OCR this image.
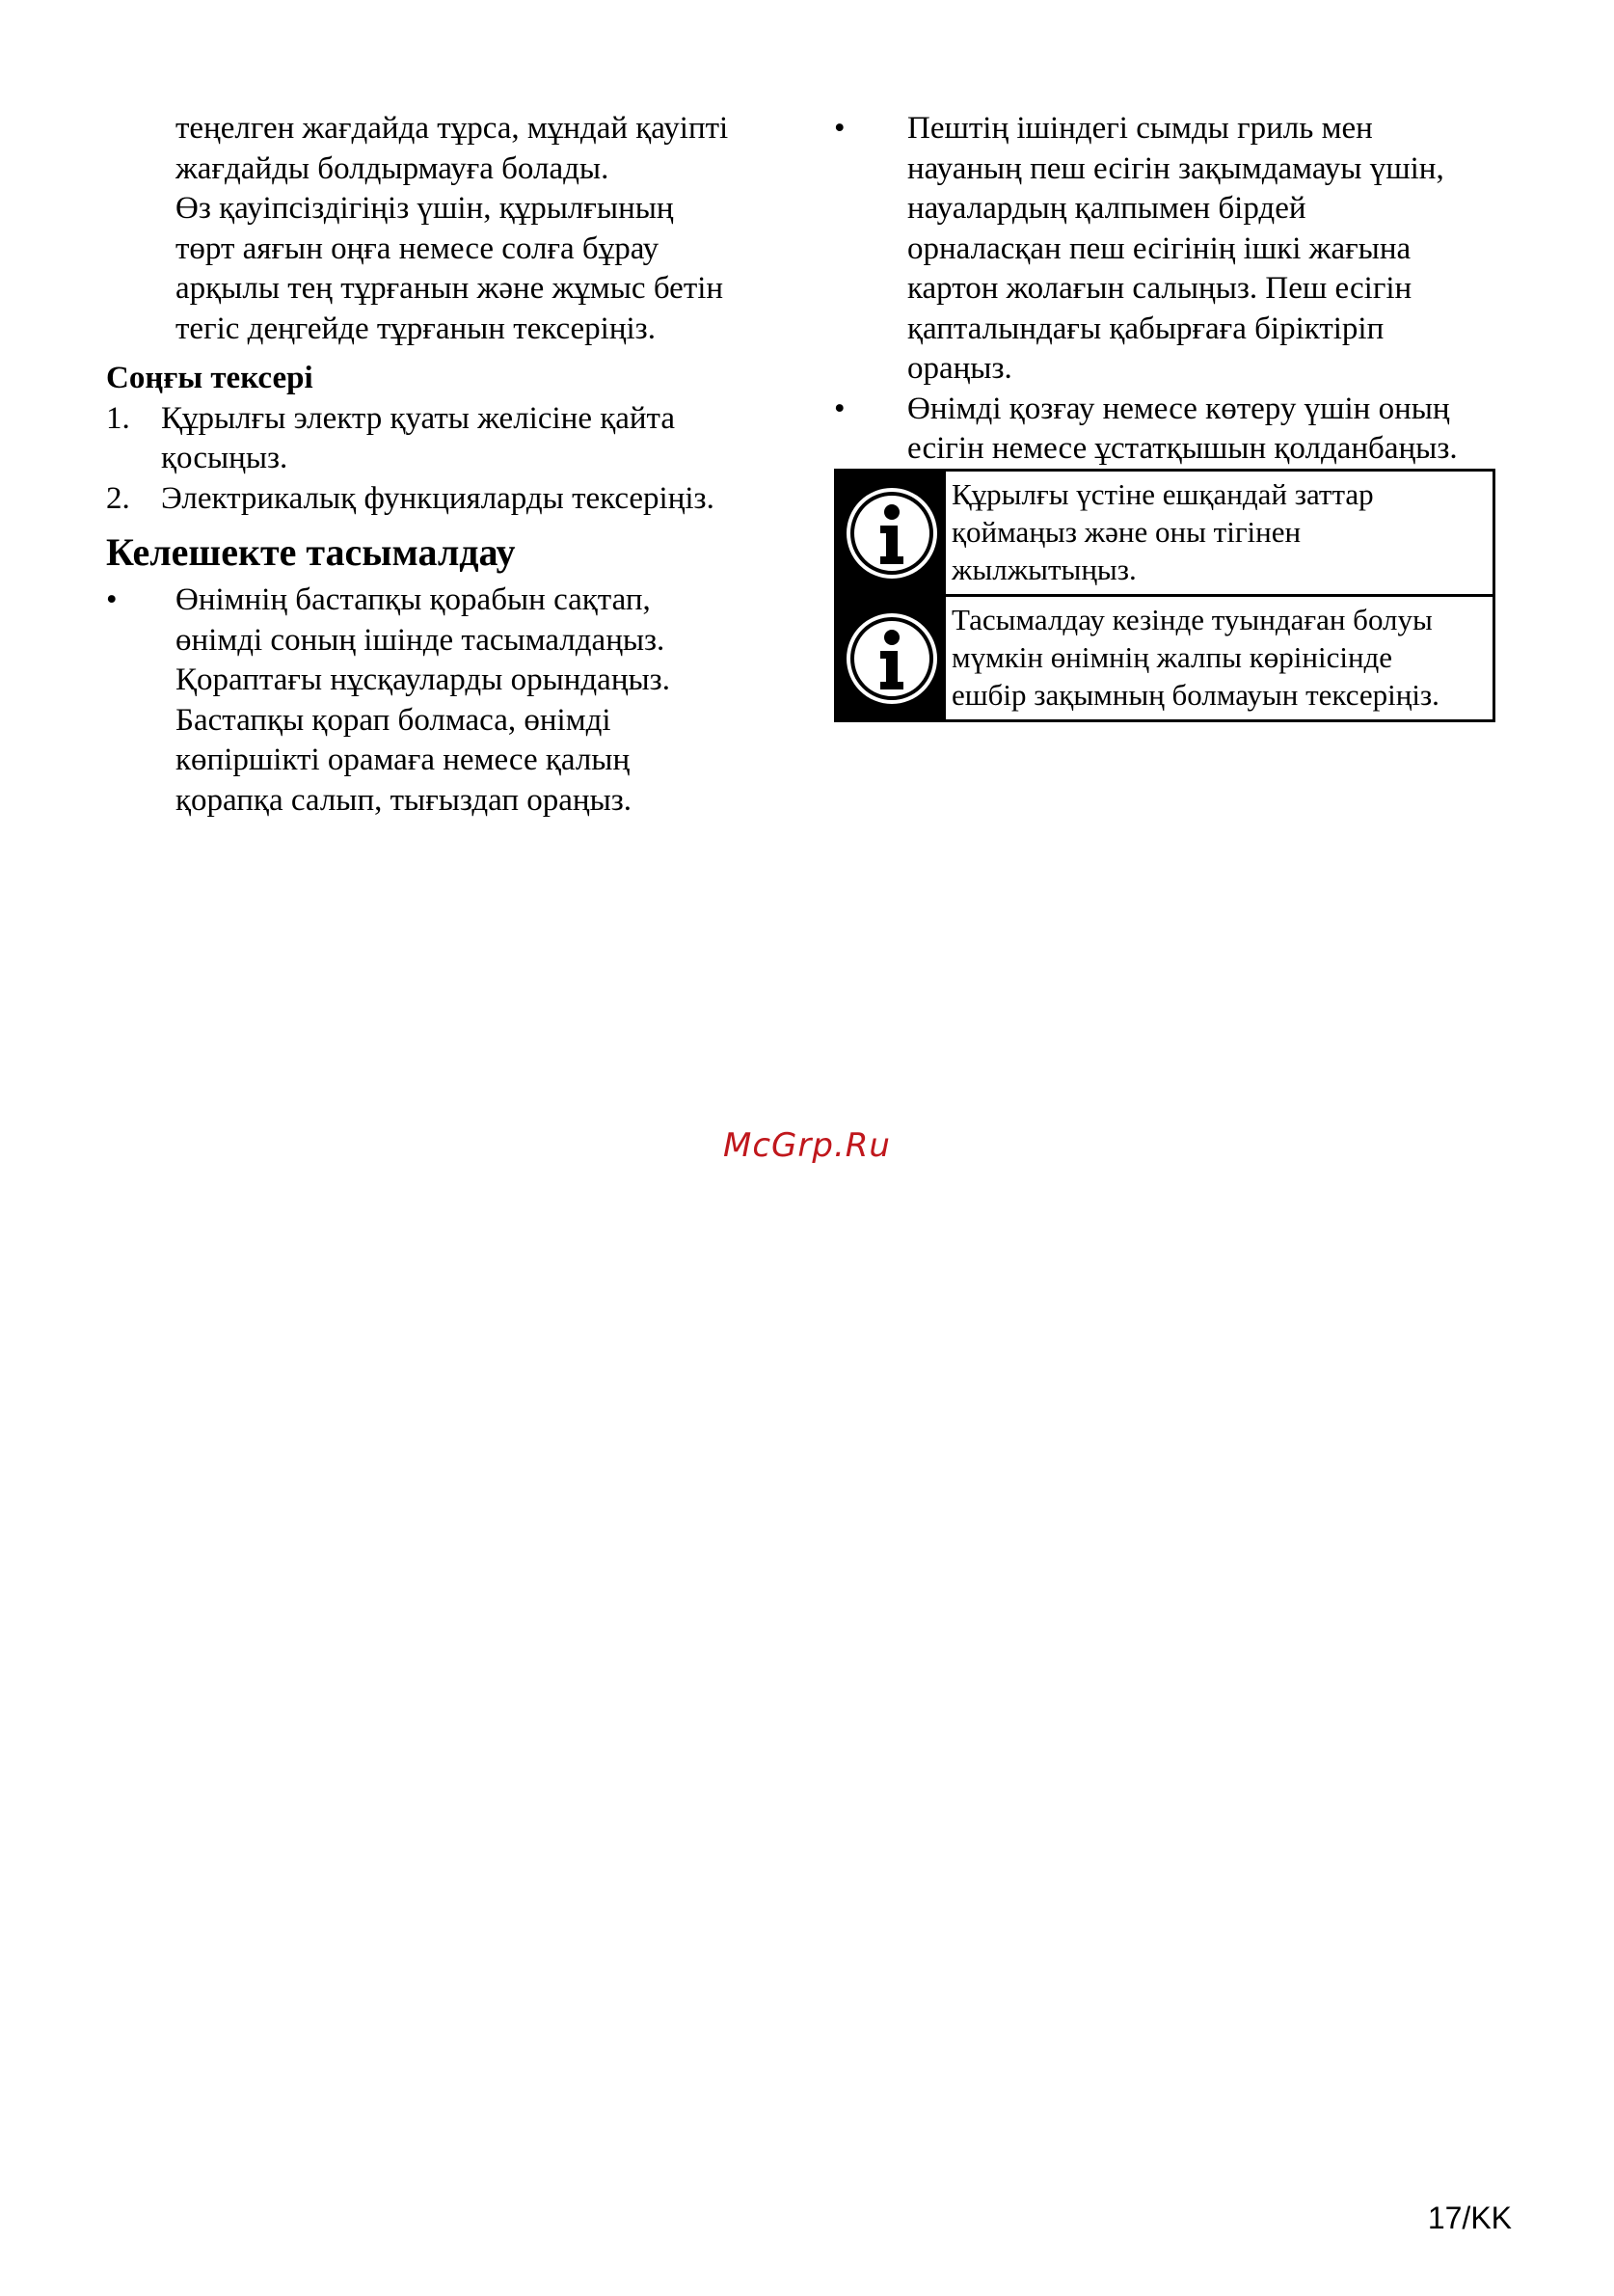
теңелген жағдайда тұрса, мұндай қауіпті
жағдайды болдырмауға болады.
Өз қауіпсіздігіңіз үшін, құрылғының
төрт аяғын оңға немесе солға бұрау
арқылы тең тұрғанын және жұмыс бетін
тегіс деңгейде тұрғанын тексеріңіз.
Соңғы тексері
1. Құрылғы электр қуаты желісіне қайта
қосыңыз.
2. Электрикалық функцияларды тексеріңіз.
Келешекте тасымалдау
•	Өнімнің бастапқы қорабын сақтап,
өнімді соның ішінде тасымалдаңыз.
Қораптағы нұсқауларды орындаңыз.
Бастапқы қорап болмаса, өнімді
көпіршікті орамаға немесе қалың
қорапқа салып, тығыздап ораңыз.
•	Пештің ішіндегі сымды гриль мен
науаның пеш есігін зақымдамауы үшін,
науалардың қалпымен бірдей
орналасқан пеш есігінің ішкі жағына
картон жолағын салыңыз. Пеш есігін
қапталындағы қабырғаға біріктіріп
ораңыз.
•	Өнімді қозғау немесе көтеру үшін оның
есігін немесе ұстатқышын қолданбаңыз.
Құрылғы үстіне ешқандай заттар
қоймаңыз және оны тігінен
жылжытыңыз.
Тасымалдау кезінде туындаған болуы
мүмкін өнімнің жалпы көрінісінде
ешбір зақымның болмауын тексеріңіз.
McGrp.Ru
17/KK
